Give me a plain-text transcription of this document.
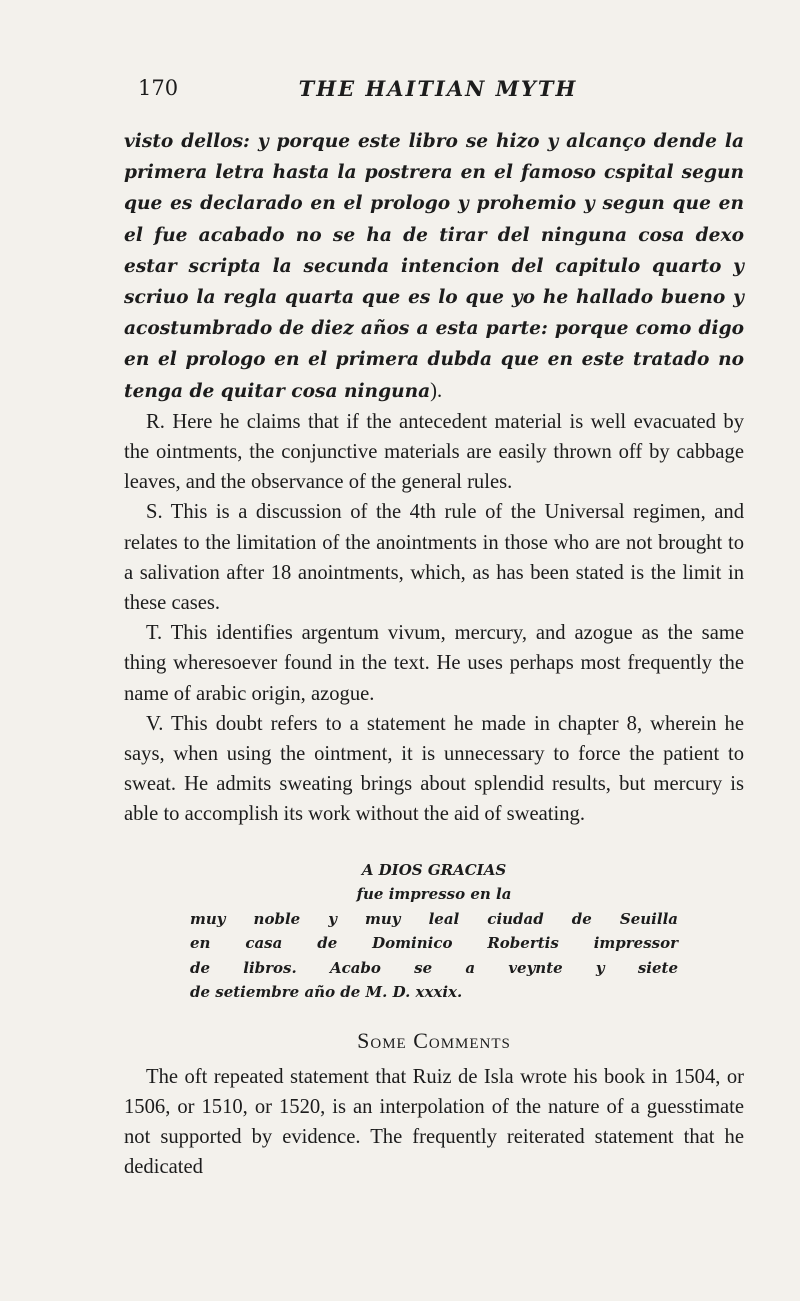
170	THE HAITIAN MYTH

visto dellos: y porque este libro se hizo y alcanço dende la primera letra hasta la postrera en el famoso cspital segun que es declarado en el prologo y prohemio y segun que en el fue acabado no se ha de tirar del ninguna cosa dexo estar scripta la secunda intencion del capitulo quarto y scriuo la regla quarta que es lo que yo he hallado bueno y acostumbrado de diez años a esta parte: porque como digo en el prologo en el primera dubda que en este tratado no tenga de quitar cosa ninguna).

R. Here he claims that if the antecedent material is well evacuated by the ointments, the conjunctive materials are easily thrown off by cabbage leaves, and the observance of the general rules.

S. This is a discussion of the 4th rule of the Universal regimen, and relates to the limitation of the anointments in those who are not brought to a salivation after 18 anointments, which, as has been stated is the limit in these cases.

T. This identifies argentum vivum, mercury, and azogue as the same thing wheresoever found in the text. He uses perhaps most frequently the name of arabic origin, azogue.

V. This doubt refers to a statement he made in chapter 8, wherein he says, when using the ointment, it is unnecessary to force the patient to sweat. He admits sweating brings about splendid results, but mercury is able to accomplish its work without the aid of sweating.

A DIOS GRACIAS
fue impresso en la
muy noble y muy leal ciudad de Seuilla
en casa de Dominico Robertis impressor
de libros. Acabo se a veynte y siete
de setiembre año de M. D. xxxix.
Some Comments

The oft repeated statement that Ruiz de Isla wrote his book in 1504, or 1506, or 1510, or 1520, is an interpolation of the nature of a guesstimate not supported by evidence. The frequently reiterated statement that he dedicated
